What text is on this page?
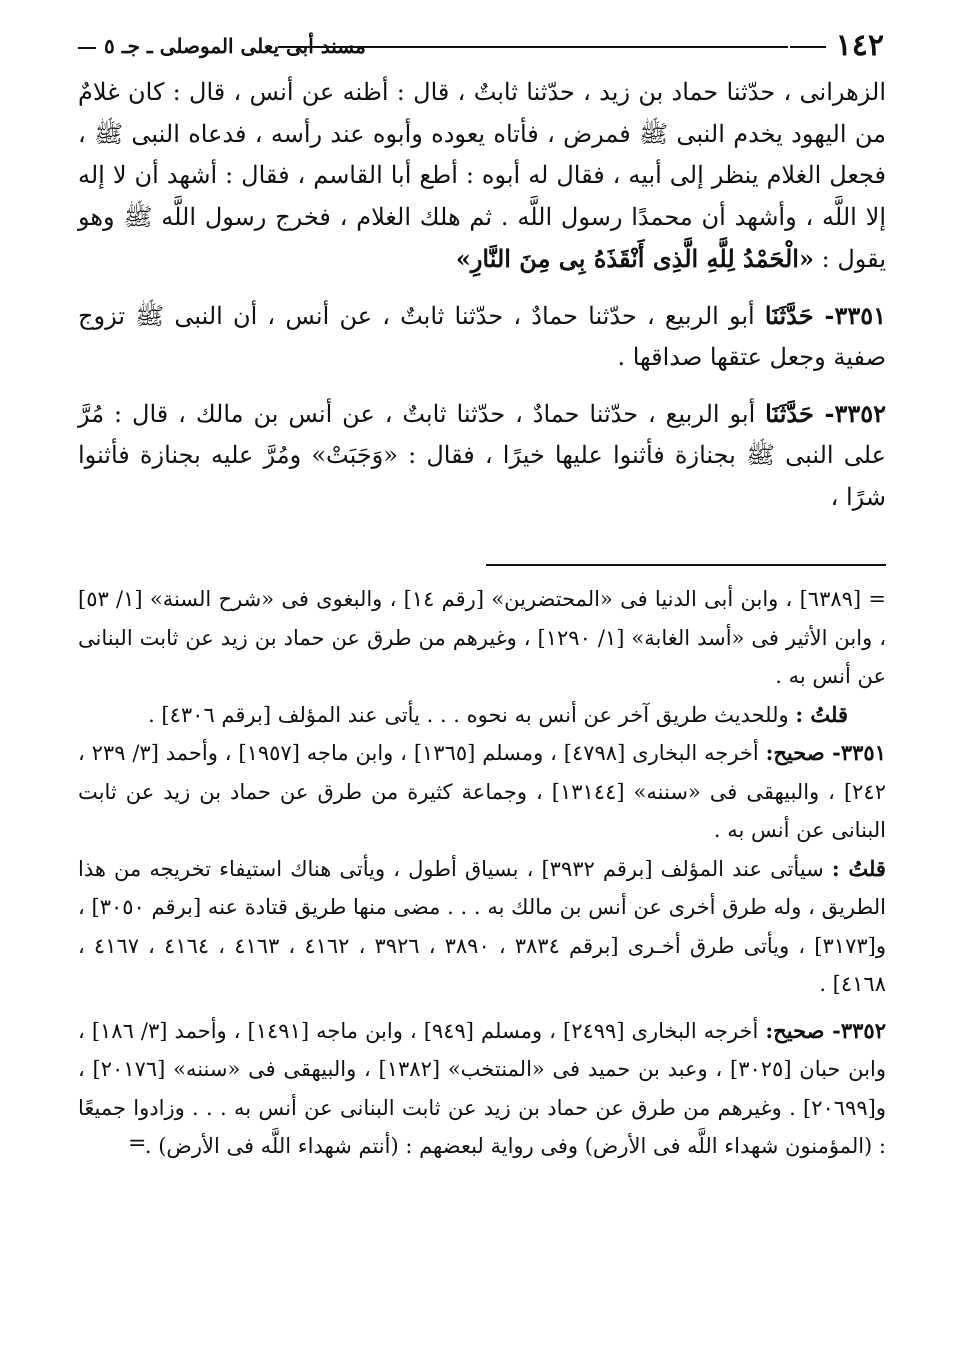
١٤٢
مسند أبى يعلى الموصلى ـ جـ ٥

الزهرانى ، حدّثنا حماد بن زيد ، حدّثنا ثابتٌ ، قال : أظنه عن أنس ، قال : كان غلامٌ من اليهود يخدم النبى ﷺ فمرض ، فأتاه يعوده وأبوه عند رأسه ، فدعاه النبى ﷺ ، فجعل الغلام ينظر إلى أبيه ، فقال له أبوه : أطع أبا القاسم ، فقال : أشهد أن لا إله إلا اللَّه ، وأشهد أن محمدًا رسول اللَّه . ثم هلك الغلام ، فخرج رسول اللَّه ﷺ وهو يقول : «الْحَمْدُ لِلَّهِ الَّذِى أَنْقَذَهُ بِى مِنَ النَّارِ»

٣٣٥١- حَدَّثَنَا أبو الربيع ، حدّثنا حمادٌ ، حدّثنا ثابتٌ ، عن أنس ، أن النبى ﷺ تزوج صفية وجعل عتقها صداقها .

٣٣٥٢- حَدَّثَنَا أبو الربيع ، حدّثنا حمادٌ ، حدّثنا ثابتٌ ، عن أنس بن مالك ، قال : مُرَّ على النبى ﷺ بجنازة فأثنوا عليها خيرًا ، فقال : «وَجَبَتْ» ومُرَّ عليه بجنازة فأثنوا شرًا ،

= [٦٣٨٩] ، وابن أبى الدنيا فى «المحتضرين» [رقم ١٤] ، والبغوى فى «شرح السنة» [١/ ٥٣] ، وابن الأثير فى «أسد الغابة» [١/ ١٢٩٠] ، وغيرهم من طرق عن حماد بن زيد عن ثابت البنانى عن أنس به .

قلتُ : وللحديث طريق آخر عن أنس به نحوه . . . يأتى عند المؤلف [برقم ٤٣٠٦] .

٣٣٥١- صحيح: أخرجه البخارى [٤٧٩٨] ، ومسلم [١٣٦٥] ، وابن ماجه [١٩٥٧] ، وأحمد [٣/ ٢٣٩ ، ٢٤٢] ، والبيهقى فى «سننه» [١٣١٤٤] ، وجماعة كثيرة من طرق عن حماد بن زيد عن ثابت البنانى عن أنس به .

قلتُ : سيأتى عند المؤلف [برقم ٣٩٣٢] ، بسياق أطول ، ويأتى هناك استيفاء تخريجه من هذا الطريق ، وله طرق أخرى عن أنس بن مالك به . . . مضى منها طريق قتادة عنه [برقم ٣٠٥٠] ، و[٣١٧٣] ، ويأتى طرق أخـرى [برقم ٣٨٣٤ ، ٣٨٩٠ ، ٣٩٢٦ ، ٤١٦٢ ، ٤١٦٣ ، ٤١٦٤ ، ٤١٦٧ ، ٤١٦٨] .

٣٣٥٢- صحيح: أخرجه البخارى [٢٤٩٩] ، ومسلم [٩٤٩] ، وابن ماجه [١٤٩١] ، وأحمد [٣/ ١٨٦] ، وابن حبان [٣٠٢٥] ، وعبد بن حميد فى «المنتخب» [١٣٨٢] ، والبيهقى فى «سننه» [٢٠١٧٦] ، و[٢٠٦٩٩] . وغيرهم من طرق عن حماد بن زيد عن ثابت البنانى عن أنس به . . . وزادوا جميعًا : (المؤمنون شهداء اللَّه فى الأرض) وفى رواية لبعضهم : (أنتم شهداء اللَّه فى الأرض) .
=
